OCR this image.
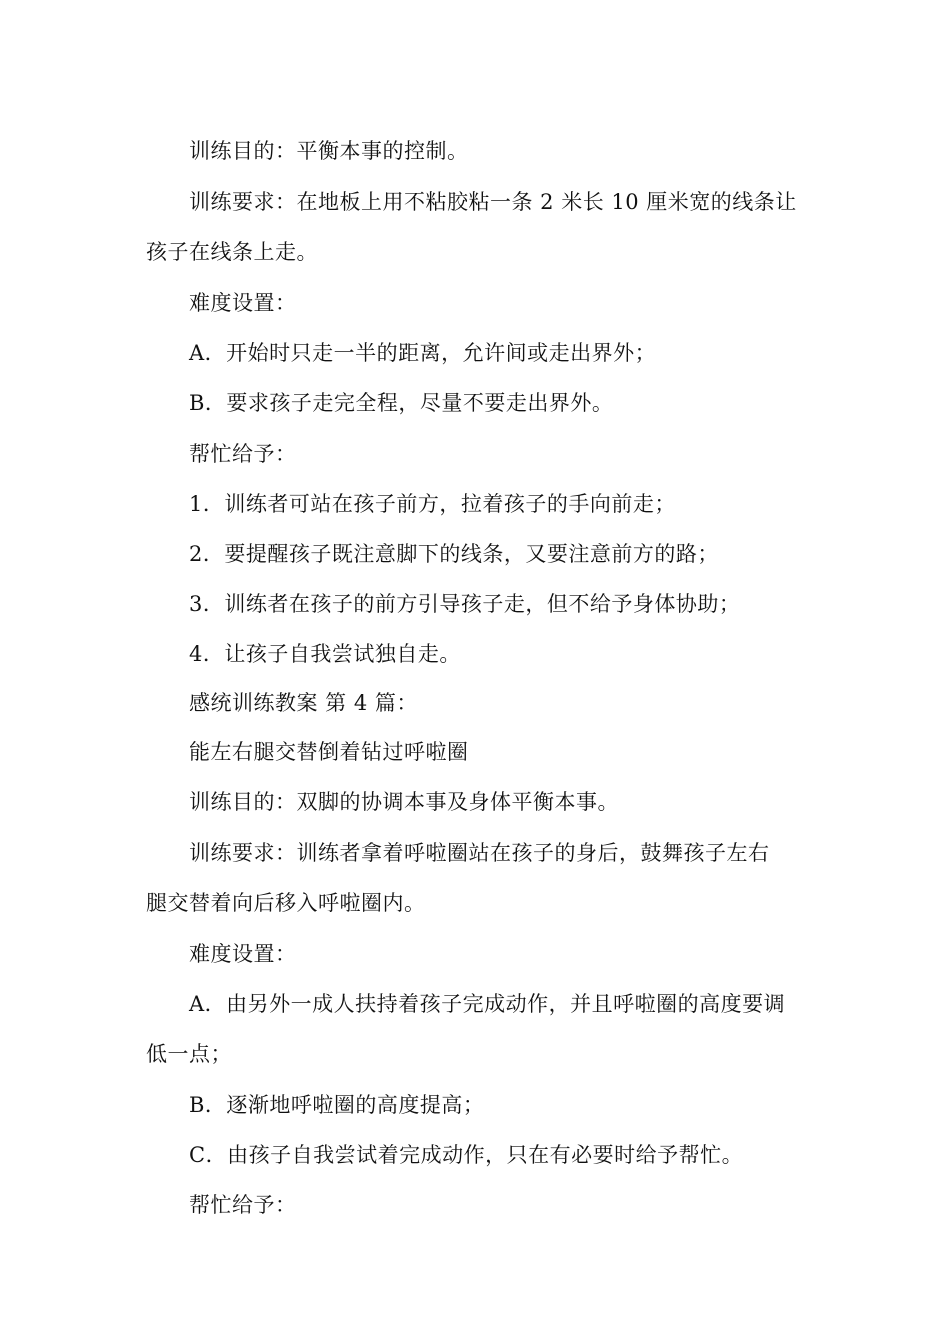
训练目的：平衡本事的控制。
训练要求：在地板上用不粘胶粘一条 2 米长 10 厘米宽的线条让
孩子在线条上走。
难度设置：
A．开始时只走一半的距离，允许间或走出界外；
B．要求孩子走完全程，尽量不要走出界外。
帮忙给予：
1．训练者可站在孩子前方，拉着孩子的手向前走；
2．要提醒孩子既注意脚下的线条，又要注意前方的路；
3．训练者在孩子的前方引导孩子走，但不给予身体协助；
4．让孩子自我尝试独自走。
感统训练教案 第 4 篇：
能左右腿交替倒着钻过呼啦圈
训练目的：双脚的协调本事及身体平衡本事。
训练要求：训练者拿着呼啦圈站在孩子的身后，鼓舞孩子左右
腿交替着向后移入呼啦圈内。
难度设置：
A．由另外一成人扶持着孩子完成动作，并且呼啦圈的高度要调
低一点；
B．逐渐地呼啦圈的高度提高；
C．由孩子自我尝试着完成动作，只在有必要时给予帮忙。
帮忙给予：
